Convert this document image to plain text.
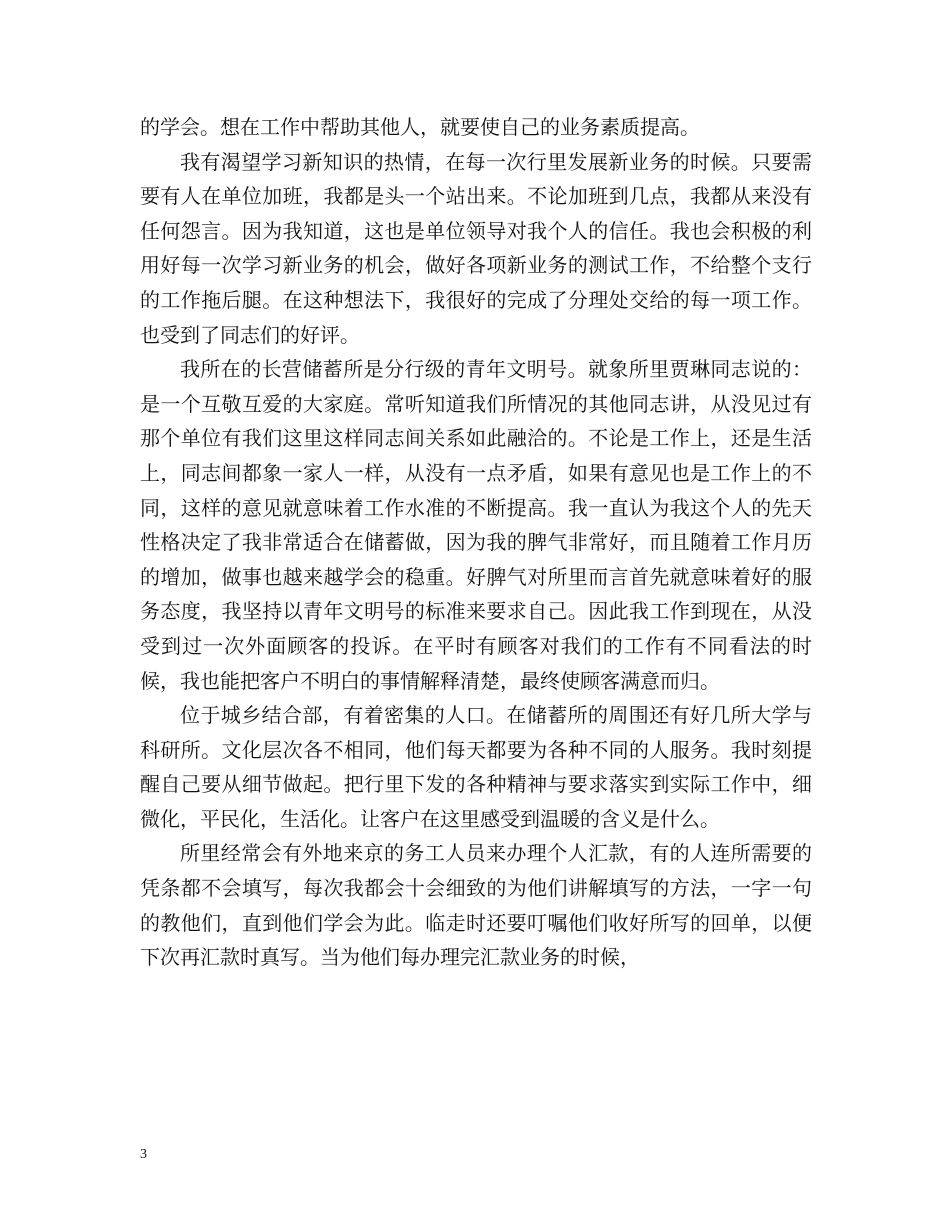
的学会。想在工作中帮助其他人，就要使自己的业务素质提高。

我有渴望学习新知识的热情，在每一次行里发展新业务的时候。只要需要有人在单位加班，我都是头一个站出来。不论加班到几点，我都从来没有任何怨言。因为我知道，这也是单位领导对我个人的信任。我也会积极的利用好每一次学习新业务的机会，做好各项新业务的测试工作，不给整个支行的工作拖后腿。在这种想法下，我很好的完成了分理处交给的每一项工作。也受到了同志们的好评。

我所在的长营储蓄所是分行级的青年文明号。就象所里贾琳同志说的：是一个互敬互爱的大家庭。常听知道我们所情况的其他同志讲，从没见过有那个单位有我们这里这样同志间关系如此融洽的。不论是工作上，还是生活上，同志间都象一家人一样，从没有一点矛盾，如果有意见也是工作上的不同，这样的意见就意味着工作水准的不断提高。我一直认为我这个人的先天性格决定了我非常适合在储蓄做，因为我的脾气非常好，而且随着工作月历的增加，做事也越来越学会的稳重。好脾气对所里而言首先就意味着好的服务态度，我坚持以青年文明号的标准来要求自己。因此我工作到现在，从没受到过一次外面顾客的投诉。在平时有顾客对我们的工作有不同看法的时候，我也能把客户不明白的事情解释清楚，最终使顾客满意而归。

位于城乡结合部，有着密集的人口。在储蓄所的周围还有好几所大学与科研所。文化层次各不相同，他们每天都要为各种不同的人服务。我时刻提醒自己要从细节做起。把行里下发的各种精神与要求落实到实际工作中，细微化，平民化，生活化。让客户在这里感受到温暖的含义是什么。

所里经常会有外地来京的务工人员来办理个人汇款，有的人连所需要的凭条都不会填写，每次我都会十会细致的为他们讲解填写的方法，一字一句的教他们，直到他们学会为此。临走时还要叮嘱他们收好所写的回单，以便下次再汇款时真写。当为他们每办理完汇款业务的时候，

3
